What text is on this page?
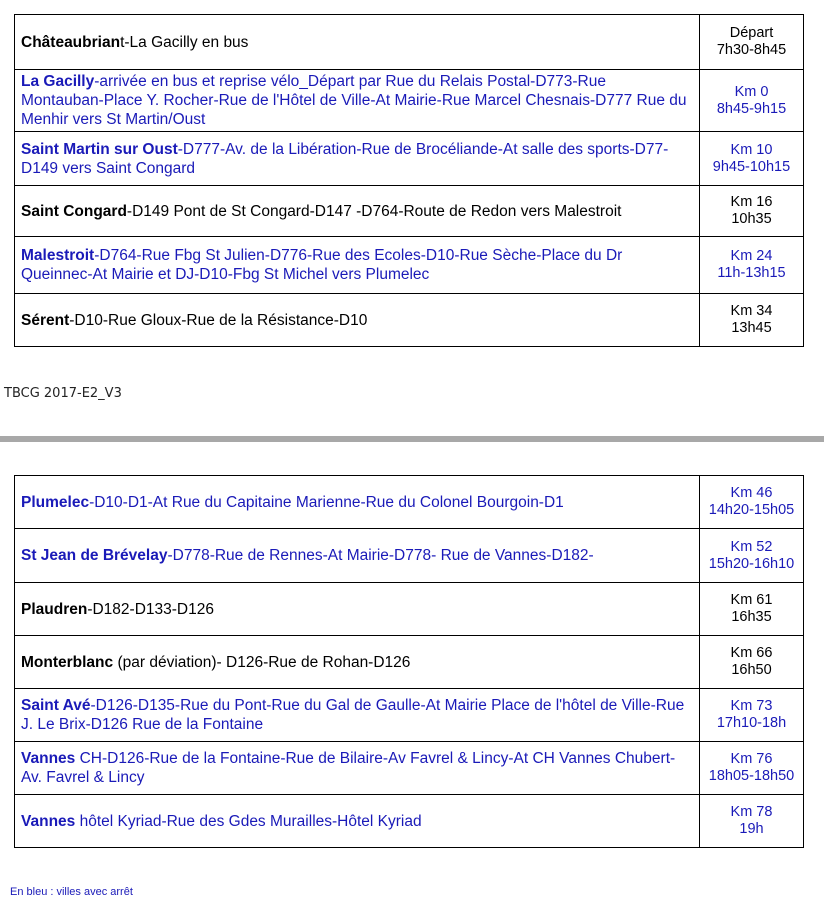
Châteaubriant-La Gacilly en bus	Départ
7h30-8h45

La Gacilly-arrivée en bus et reprise vélo_Départ par Rue du Relais Postal-D773-Rue Montauban-Place Y. Rocher-Rue de l'Hôtel de Ville-At Mairie-Rue Marcel Chesnais-D777 Rue du Menhir vers St Martin/Oust	Km 0
8h45-9h15

Saint Martin sur Oust-D777-Av. de la Libération-Rue de Brocéliande-At salle des sports-D77-D149 vers Saint Congard	Km 10
9h45-10h15

Saint Congard-D149 Pont de St Congard-D147 -D764-Route de Redon vers Malestroit	Km 16
10h35

Malestroit-D764-Rue Fbg St Julien-D776-Rue des Ecoles-D10-Rue Sèche-Place du Dr Queinnec-At Mairie et DJ-D10-Fbg St Michel vers Plumelec	Km 24
11h-13h15

Sérent-D10-Rue Gloux-Rue de la Résistance-D10	Km 34
13h45
TBCG 2017-E2_V3
Plumelec-D10-D1-At Rue du Capitaine Marienne-Rue du Colonel Bourgoin-D1	Km 46
14h20-15h05

St Jean de Brévelay-D778-Rue de Rennes-At Mairie-D778- Rue de Vannes-D182-	Km 52
15h20-16h10

Plaudren-D182-D133-D126	Km 61
16h35

Monterblanc (par déviation)- D126-Rue de Rohan-D126	Km 66
16h50

Saint Avé-D126-D135-Rue du Pont-Rue du Gal de Gaulle-At Mairie Place de l'hôtel de Ville-Rue J. Le Brix-D126 Rue de la Fontaine	Km 73
17h10-18h

Vannes CH-D126-Rue de la Fontaine-Rue de Bilaire-Av Favrel & Lincy-At CH Vannes Chubert-Av. Favrel & Lincy	Km 76
18h05-18h50

Vannes hôtel Kyriad-Rue des Gdes Murailles-Hôtel Kyriad	Km 78
19h
En bleu : villes avec arrêt
